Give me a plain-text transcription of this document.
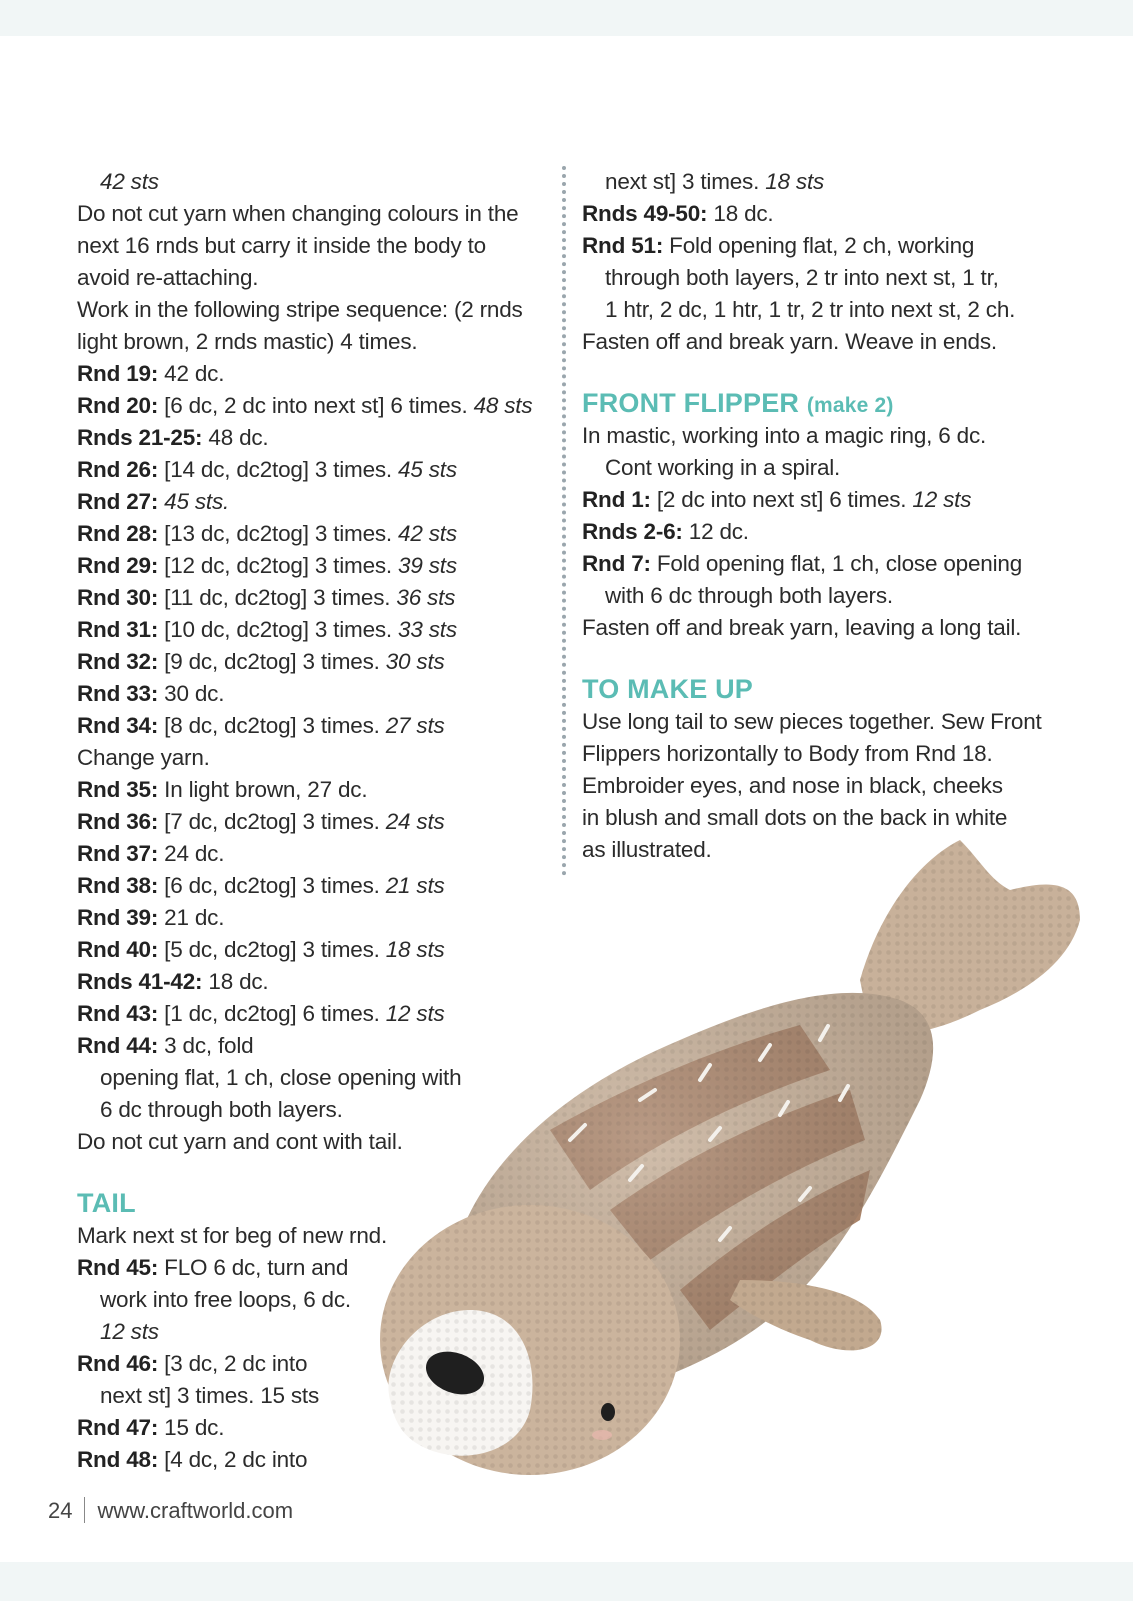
42 sts
Do not cut yarn when changing colours in the
next 16 rnds but carry it inside the body to
avoid re-attaching.
Work in the following stripe sequence: (2 rnds
light brown, 2 rnds mastic) 4 times.
Rnd 19: 42 dc.
Rnd 20: [6 dc, 2 dc into next st] 6 times. 48 sts
Rnds 21-25: 48 dc.
Rnd 26: [14 dc, dc2tog] 3 times. 45 sts
Rnd 27: 45 sts.
Rnd 28: [13 dc, dc2tog] 3 times. 42 sts
Rnd 29: [12 dc, dc2tog] 3 times. 39 sts
Rnd 30: [11 dc, dc2tog] 3 times. 36 sts
Rnd 31: [10 dc, dc2tog] 3 times. 33 sts
Rnd 32: [9 dc, dc2tog] 3 times. 30 sts
Rnd 33: 30 dc.
Rnd 34: [8 dc, dc2tog] 3 times. 27 sts
Change yarn.
Rnd 35: In light brown, 27 dc.
Rnd 36: [7 dc, dc2tog] 3 times. 24 sts
Rnd 37: 24 dc.
Rnd 38: [6 dc, dc2tog] 3 times. 21 sts
Rnd 39: 21 dc.
Rnd 40: [5 dc, dc2tog] 3 times. 18 sts
Rnds 41-42: 18 dc.
Rnd 43: [1 dc, dc2tog] 6 times. 12 sts
Rnd 44: 3 dc, fold
opening flat, 1 ch, close opening with
6 dc through both layers.
Do not cut yarn and cont with tail.
TAIL
Mark next st for beg of new rnd.
Rnd 45: FLO 6 dc, turn and
work into free loops, 6 dc.
12 sts
Rnd 46: [3 dc, 2 dc into
next st] 3 times. 15 sts
Rnd 47: 15 dc.
Rnd 48: [4 dc, 2 dc into
next st] 3 times. 18 sts
Rnds 49-50: 18 dc.
Rnd 51: Fold opening flat, 2 ch, working
through both layers, 2 tr into next st, 1 tr,
1 htr, 2 dc, 1 htr, 1 tr, 2 tr into next st, 2 ch.
Fasten off and break yarn. Weave in ends.
FRONT FLIPPER (make 2)
In mastic, working into a magic ring, 6 dc.
Cont working in a spiral.
Rnd 1: [2 dc into next st] 6 times. 12 sts
Rnds 2-6: 12 dc.
Rnd 7: Fold opening flat, 1 ch, close opening
with 6 dc through both layers.
Fasten off and break yarn, leaving a long tail.
TO MAKE UP
Use long tail to sew pieces together. Sew Front
Flippers horizontally to Body from Rnd 18.
Embroider eyes, and nose in black, cheeks
in blush and small dots on the back in white
as illustrated.
24 www.craftworld.com
